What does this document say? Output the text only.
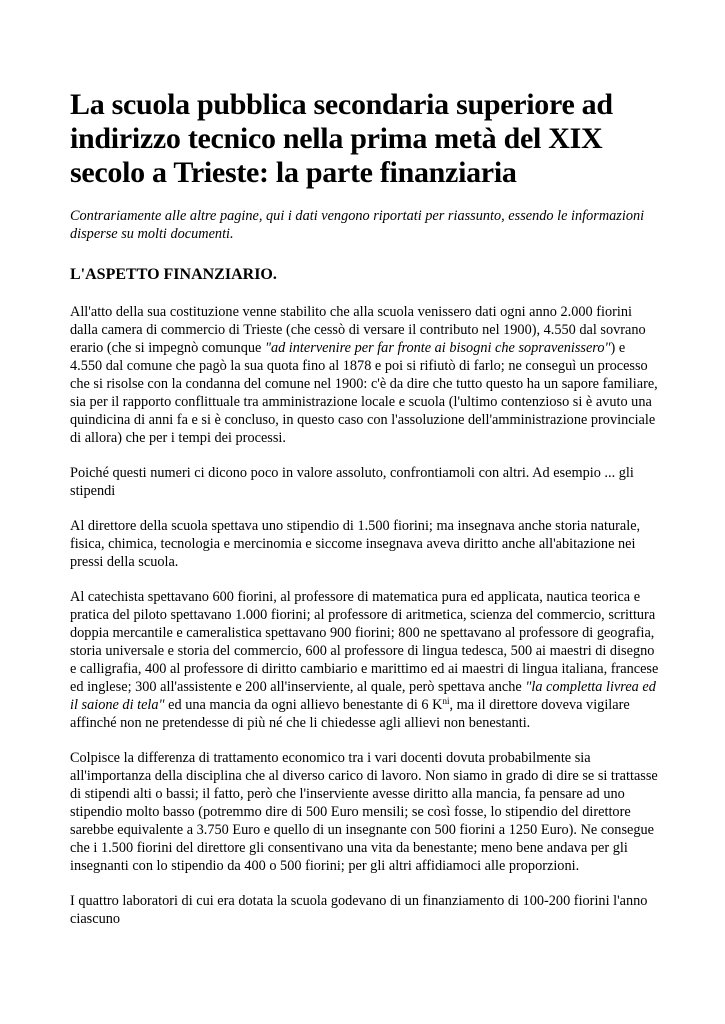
La scuola pubblica secondaria superiore ad indirizzo tecnico nella prima metà del XIX secolo a Trieste: la parte finanziaria

Contrariamente alle altre pagine, qui i dati vengono riportati per riassunto, essendo le informazioni disperse su molti documenti.

L'ASPETTO FINANZIARIO.

All'atto della sua costituzione venne stabilito che alla scuola venissero dati ogni anno 2.000 fiorini dalla camera di commercio di Trieste (che cessò di versare il contributo nel 1900), 4.550 dal sovrano erario (che si impegnò comunque "ad intervenire per far fronte ai bisogni che sopravenissero") e 4.550 dal comune che pagò la sua quota fino al 1878 e poi si rifiutò di farlo; ne conseguì un processo che si risolse con la condanna del comune nel 1900: c'è da dire che tutto questo ha un sapore familiare, sia per il rapporto conflittuale tra amministrazione locale e scuola (l'ultimo contenzioso si è avuto una quindicina di anni fa e si è concluso, in questo caso con l'assoluzione dell'amministrazione provinciale di allora) che per i tempi dei processi.

Poiché questi numeri ci dicono poco in valore assoluto, confrontiamoli con altri. Ad esempio ... gli stipendi

Al direttore della scuola spettava uno stipendio di 1.500 fiorini; ma insegnava anche storia naturale, fisica, chimica, tecnologia e mercinomia e siccome insegnava aveva diritto anche all'abitazione nei pressi della scuola.

Al catechista spettavano 600 fiorini, al professore di matematica pura ed applicata, nautica teorica e pratica del piloto spettavano 1.000 fiorini; al professore di aritmetica, scienza del commercio, scrittura doppia mercantile e cameralistica spettavano 900 fiorini; 800 ne spettavano al professore di geografia, storia universale e storia del commercio, 600 al professore di lingua tedesca, 500 ai maestri di disegno e calligrafia, 400 al professore di diritto cambiario e marittimo ed ai maestri di lingua italiana, francese ed inglese; 300 all'assistente e 200 all'inserviente, al quale, però spettava anche "la completta livrea ed il saione di tela" ed una mancia da ogni allievo benestante di 6 $K^{ni}$, ma il direttore doveva vigilare affinché non ne pretendesse di più né che li chiedesse agli allievi non benestanti.

Colpisce la differenza di trattamento economico tra i vari docenti dovuta probabilmente sia all'importanza della disciplina che al diverso carico di lavoro. Non siamo in grado di dire se si trattasse di stipendi alti o bassi; il fatto, però che l'inserviente avesse diritto alla mancia, fa pensare ad uno stipendio molto basso (potremmo dire di 500 Euro mensili; se così fosse, lo stipendio del direttore sarebbe equivalente a 3.750 Euro e quello di un insegnante con 500 fiorini a 1250 Euro). Ne consegue che i 1.500 fiorini del direttore gli consentivano una vita da benestante; meno bene andava per gli insegnanti con lo stipendio da 400 o 500 fiorini; per gli altri affidiamoci alle proporzioni.

I quattro laboratori di cui era dotata la scuola godevano di un finanziamento di 100-200 fiorini l'anno ciascuno
